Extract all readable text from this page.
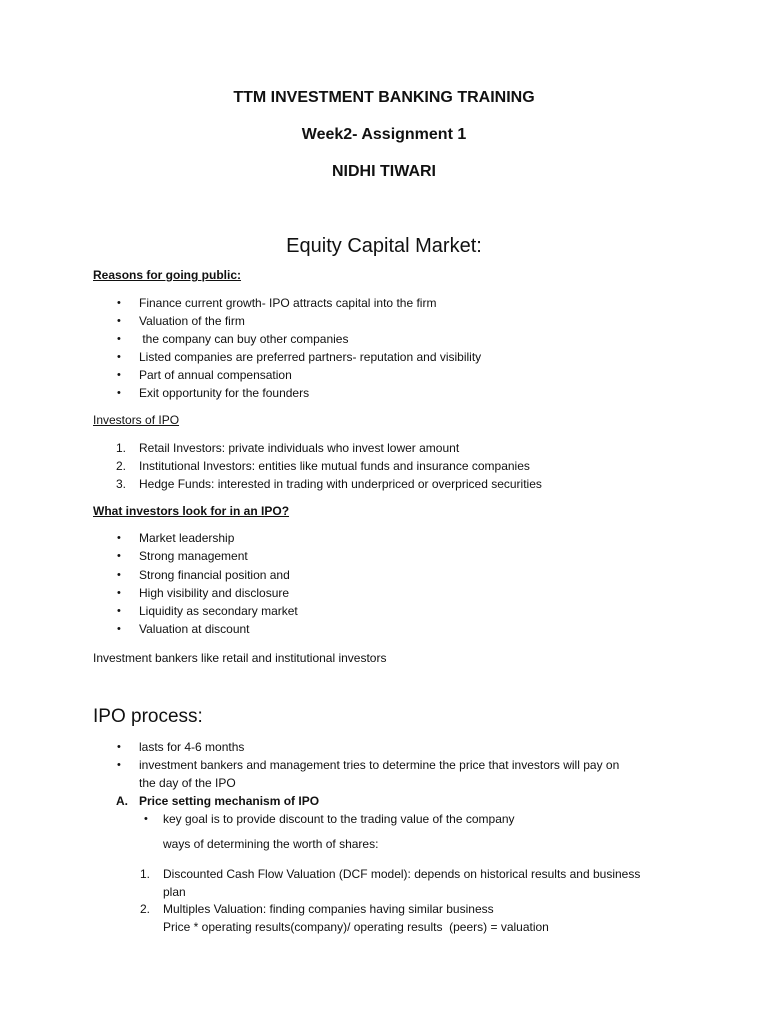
TTM INVESTMENT BANKING TRAINING
Week2- Assignment 1
NIDHI TIWARI
Equity Capital Market:
Reasons for going public:
• Finance current growth- IPO attracts capital into the firm
• Valuation of the firm
• the company can buy other companies
• Listed companies are preferred partners- reputation and visibility
• Part of annual compensation
• Exit opportunity for the founders
Investors of IPO
1. Retail Investors: private individuals who invest lower amount
2. Institutional Investors: entities like mutual funds and insurance companies
3. Hedge Funds: interested in trading with underpriced or overpriced securities
What investors look for in an IPO?
• Market leadership
• Strong management
• Strong financial position and
• High visibility and disclosure
• Liquidity as secondary market
• Valuation at discount
Investment bankers like retail and institutional investors
IPO process:
• lasts for 4-6 months
• investment bankers and management tries to determine the price that investors will pay on
the day of the IPO
A. Price setting mechanism of IPO
• key goal is to provide discount to the trading value of the company
ways of determining the worth of shares:
1. Discounted Cash Flow Valuation (DCF model): depends on historical results and business
plan
2. Multiples Valuation: finding companies having similar business
Price * operating results(company)/ operating results  (peers) = valuation
